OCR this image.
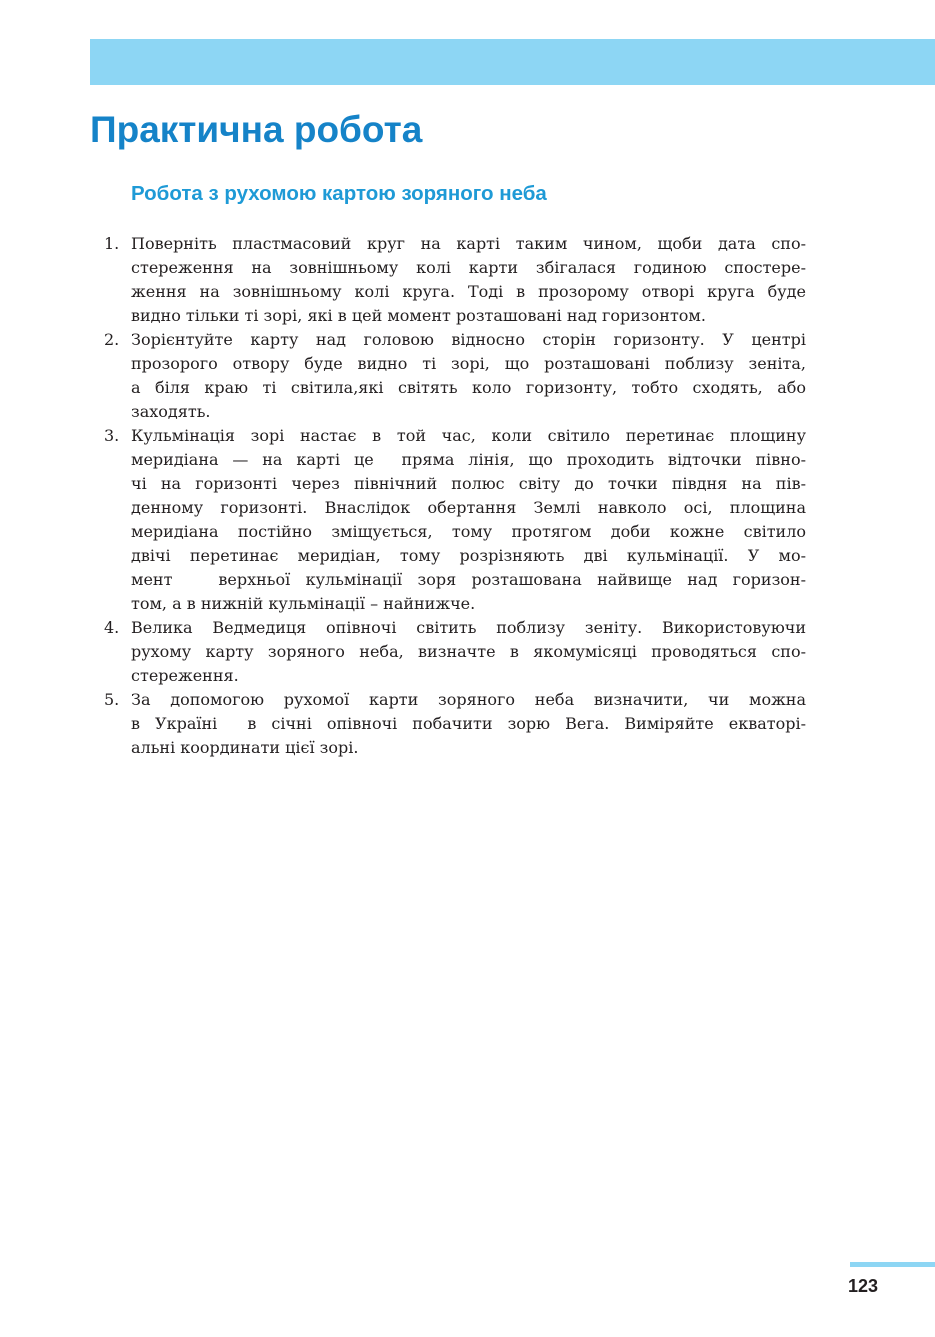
Практична робота
Робота з рухомою картою зоряного неба
1. Поверніть пластмасовий круг на карті таким чином, щоби дата спо-
стереження на зовнішньому колі карти збігалася годиною спостере-
ження на зовнішньому колі круга. Тоді в прозорому отворі круга буде
видно тільки ті зорі, які в цей момент розташовані над горизонтом.
2. Зорієнтуйте карту над головою відносно сторін горизонту. У центрі
прозорого отвору буде видно ті зорі, що розташовані поблизу зеніта,
а біля краю ті світила,які світять коло горизонту, тобто сходять, або
заходять.
3. Кульмінація зорі настає в той час, коли світило перетинає площину
меридіана — на карті це  пряма лінія, що проходить відточки півно-
чі на горизонті через північний полюс світу до точки півдня на пів-
денному горизонті. Внаслідок обертання Землі навколо осі, площина
меридіана постійно зміщується, тому протягом доби кожне світило
двічі перетинає меридіан, тому розрізняють дві кульмінації. У мо-
мент   верхньої кульмінації зоря розташована найвище над горизон-
том, а в нижній кульмінації – найнижче.
4. Велика Ведмедиця опівночі світить поблизу зеніту. Використовуючи
рухому карту зоряного неба, визначте в якомумісяці проводяться спо-
стереження.
5. За допомогою рухомої карти зоряного неба визначити, чи можна
в Україні  в січні опівночі побачити зорю Вега. Виміряйте екваторі-
альні координати цієї зорі.
123
